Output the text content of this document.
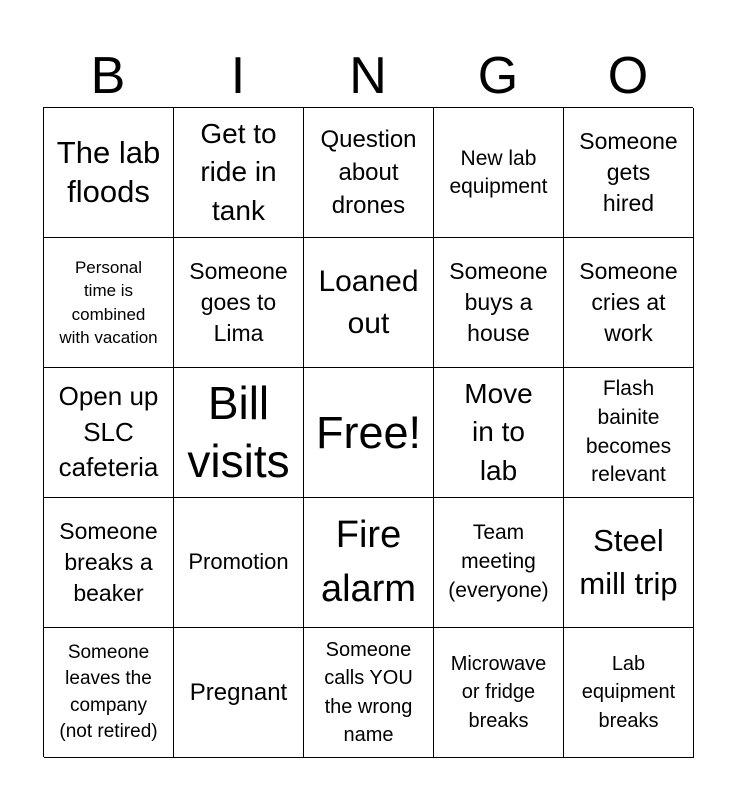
B	I	N	G	O
The lab
floods
Get to
ride in
tank
Question
about
drones
New lab
equipment
Someone
gets
hired
Personal
time is
combined
with vacation
Someone
goes to
Lima
Loaned
out
Someone
buys a
house
Someone
cries at
work
Open up
SLC
cafeteria
Bill
visits
Free!
Move
in to
lab
Flash
bainite
becomes
relevant
Someone
breaks a
beaker
Promotion
Fire
alarm
Team
meeting
(everyone)
Steel
mill trip
Someone
leaves the
company
(not retired)
Pregnant
Someone
calls YOU
the wrong
name
Microwave
or fridge
breaks
Lab
equipment
breaks
